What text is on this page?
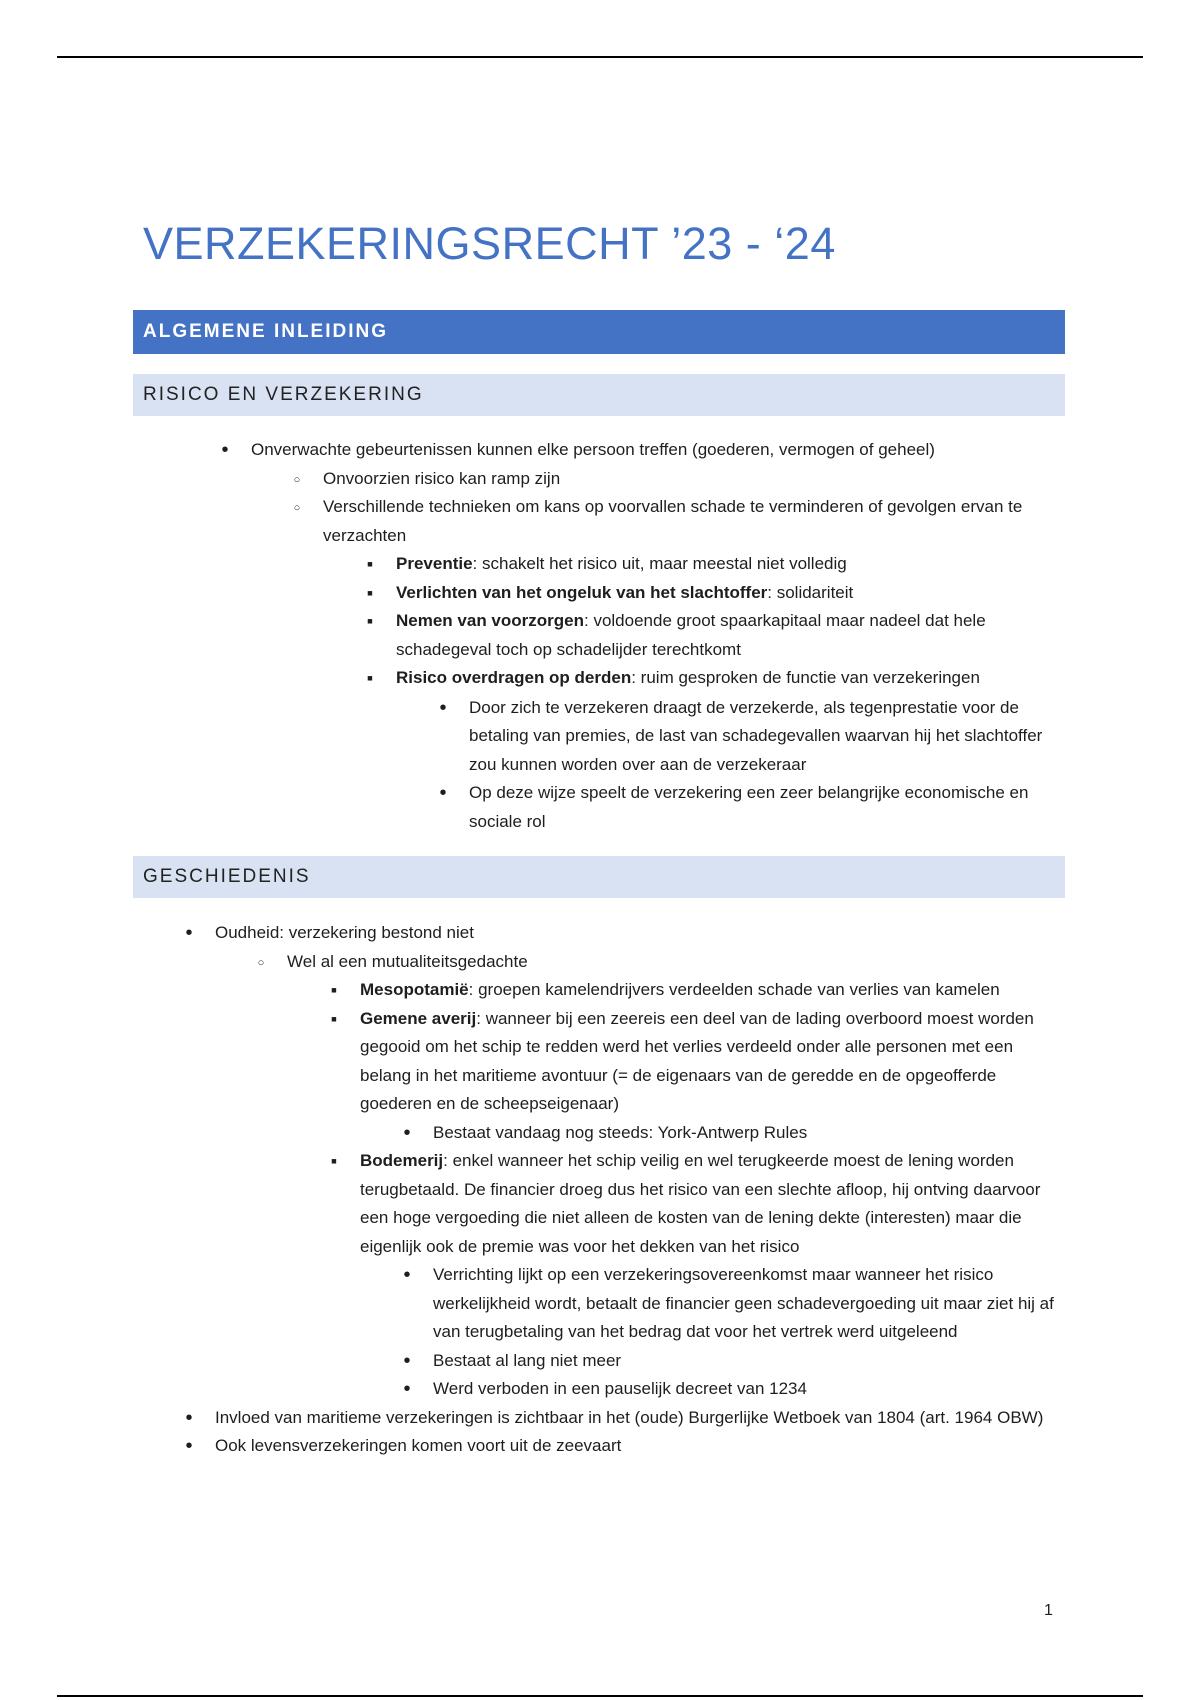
VERZEKERINGSRECHT ’23 - ‘24
ALGEMENE INLEIDING
RISICO EN VERZEKERING
•
Onverwachte gebeurtenissen kunnen elke persoon treffen (goederen, vermogen of geheel)
○
Onvoorzien risico kan ramp zijn
○
Verschillende technieken om kans op voorvallen schade te verminderen of gevolgen ervan te verzachten
▪
Preventie: schakelt het risico uit, maar meestal niet volledig
▪
Verlichten van het ongeluk van het slachtoffer: solidariteit
▪
Nemen van voorzorgen: voldoende groot spaarkapitaal maar nadeel dat hele schadegeval toch op schadelijder terechtkomt
▪
Risico overdragen op derden: ruim gesproken de functie van verzekeringen
•
Door zich te verzekeren draagt de verzekerde, als tegenprestatie voor de betaling van premies, de last van schadegevallen waarvan hij het slachtoffer zou kunnen worden over aan de verzekeraar
•
Op deze wijze speelt de verzekering een zeer belangrijke economische en sociale rol
GESCHIEDENIS
•
Oudheid: verzekering bestond niet
○
Wel al een mutualiteitsgedachte
▪
Mesopotamië: groepen kamelendrijvers verdeelden schade van verlies van kamelen
▪
Gemene averij: wanneer bij een zeereis een deel van de lading overboord moest worden gegooid om het schip te redden werd het verlies verdeeld onder alle personen met een belang in het maritieme avontuur (= de eigenaars van de geredde en de opgeofferde goederen en de scheepseigenaar)
•
Bestaat vandaag nog steeds: York-Antwerp Rules
▪
Bodemerij: enkel wanneer het schip veilig en wel terugkeerde moest de lening worden terugbetaald. De financier droeg dus het risico van een slechte afloop, hij ontving daarvoor een hoge vergoeding die niet alleen de kosten van de lening dekte (interesten) maar die eigenlijk ook de premie was voor het dekken van het risico
•
Verrichting lijkt op een verzekeringsovereenkomst maar wanneer het risico werkelijkheid wordt, betaalt de financier geen schadevergoeding uit maar ziet hij af van terugbetaling van het bedrag dat voor het vertrek werd uitgeleend
•
Bestaat al lang niet meer
•
Werd verboden in een pauselijk decreet van 1234
•
Invloed van maritieme verzekeringen is zichtbaar in het (oude) Burgerlijke Wetboek van 1804 (art. 1964 OBW)
•
Ook levensverzekeringen komen voort uit de zeevaart
1
